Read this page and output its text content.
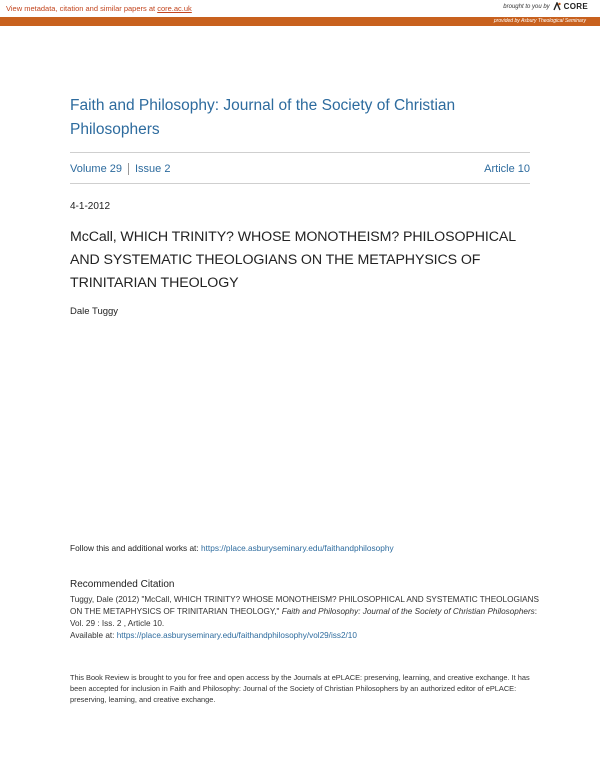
View metadata, citation and similar papers at core.ac.uk	brought to you by CORE
provided by Asbury Theological Seminary
Faith and Philosophy: Journal of the Society of Christian Philosophers
Volume 29 Issue 2	Article 10
4-1-2012
McCall, WHICH TRINITY? WHOSE MONOTHEISM? PHILOSOPHICAL AND SYSTEMATIC THEOLOGIANS ON THE METAPHYSICS OF TRINITARIAN THEOLOGY
Dale Tuggy
Follow this and additional works at: https://place.asburyseminary.edu/faithandphilosophy
Recommended Citation
Tuggy, Dale (2012) "McCall, WHICH TRINITY? WHOSE MONOTHEISM? PHILOSOPHICAL AND SYSTEMATIC THEOLOGIANS ON THE METAPHYSICS OF TRINITARIAN THEOLOGY," Faith and Philosophy: Journal of the Society of Christian Philosophers: Vol. 29 : Iss. 2 , Article 10.
Available at: https://place.asburyseminary.edu/faithandphilosophy/vol29/iss2/10
This Book Review is brought to you for free and open access by the Journals at ePLACE: preserving, learning, and creative exchange. It has been accepted for inclusion in Faith and Philosophy: Journal of the Society of Christian Philosophers by an authorized editor of ePLACE: preserving, learning, and creative exchange.
